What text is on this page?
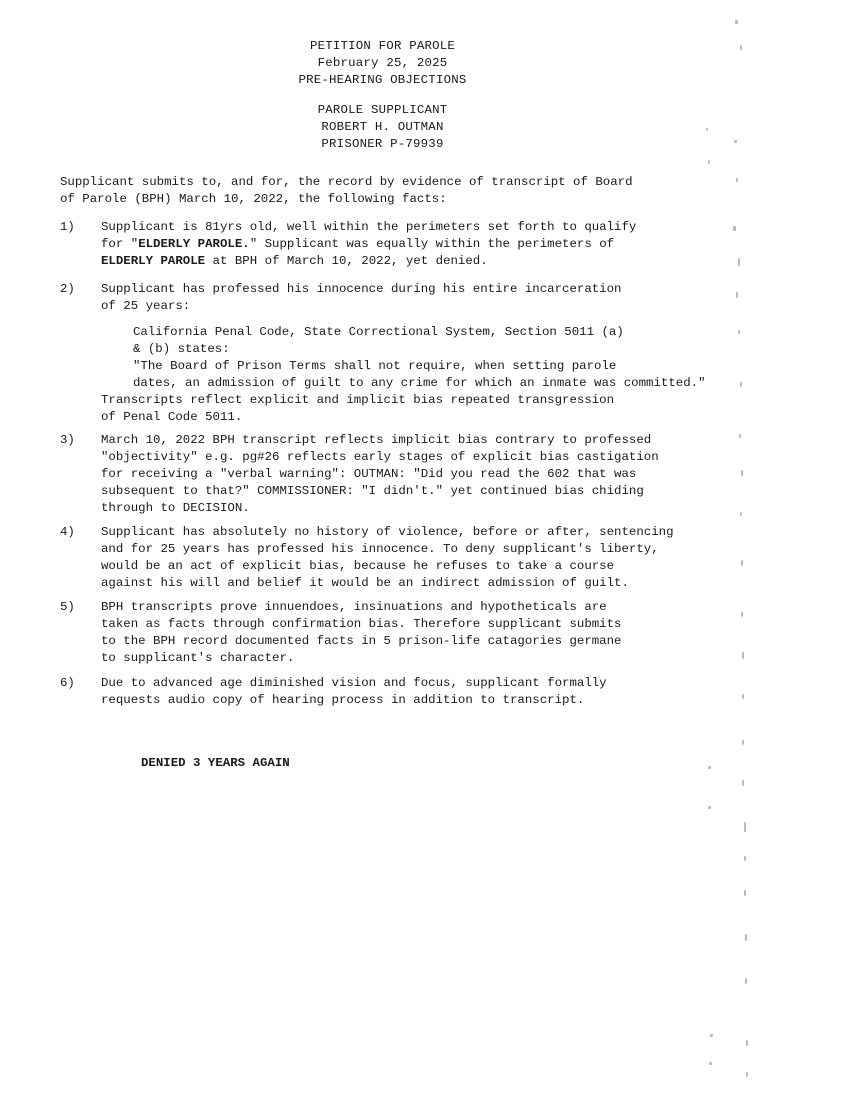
PETITION FOR PAROLE
February 25, 2025
PRE-HEARING OBJECTIONS
PAROLE SUPPLICANT
ROBERT H. OUTMAN
PRISONER P-79939
Supplicant submits to, and for, the record by evidence of transcript of Board
of Parole (BPH) March 10, 2022, the following facts:
1) Supplicant is 81yrs old, well within the perimeters set forth to qualify
for "ELDERLY PAROLE." Supplicant was equally within the perimeters of
ELDERLY PAROLE at BPH of March 10, 2022, yet denied.
2) Supplicant has professed his innocence during his entire incarceration
of 25 years:
California Penal Code, State Correctional System, Section 5011 (a)
& (b) states:
"The Board of Prison Terms shall not require, when setting parole
dates, an admission of guilt to any crime for which an inmate was committed."
Transcripts reflect explicit and implicit bias repeated transgression
of Penal Code 5011.
3) March 10, 2022 BPH transcript reflects implicit bias contrary to professed
"objectivity" e.g. pg#26 reflects early stages of explicit bias castigation
for receiving a "verbal warning": OUTMAN: "Did you read the 602 that was
subsequent to that?" COMMISSIONER: "I didn't." yet continued bias chiding
through to DECISION.
4) Supplicant has absolutely no history of violence, before or after, sentencing
and for 25 years has professed his innocence. To deny supplicant's liberty,
would be an act of explicit bias, because he refuses to take a course
against his will and belief it would be an indirect admission of guilt.
5) BPH transcripts prove innuendoes, insinuations and hypotheticals are
taken as facts through confirmation bias. Therefore supplicant submits
to the BPH record documented facts in 5 prison-life catagories germane
to supplicant's character.
6) Due to advanced age diminished vision and focus, supplicant formally
requests audio copy of hearing process in addition to transcript.
DENIED 3 YEARS AGAIN
